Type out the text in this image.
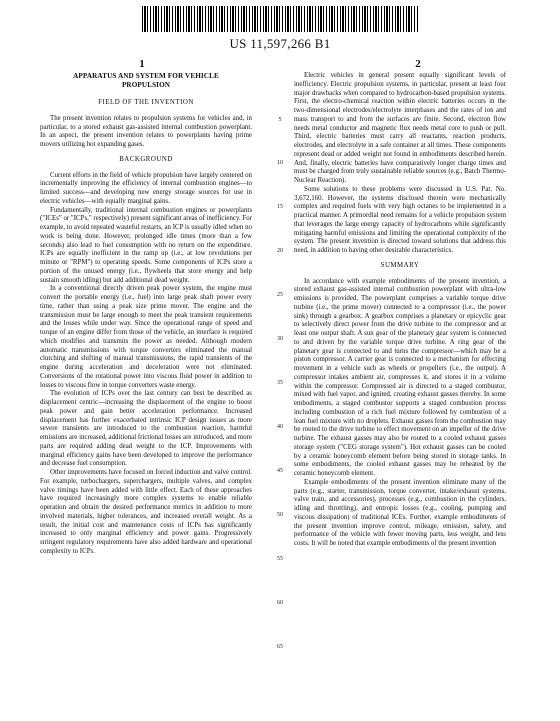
US 11,597,266 B1
1	2
APPARATUS AND SYSTEM FOR VEHICLE
PROPULSION
FIELD OF THE INVENTION

The present invention relates to propulsion systems for vehicles and, in particular, to a stored exhaust gas-assisted internal combustion powerplant. In an aspect, the present invention relates to powerplants having prime movers utilizing hot expanding gases.

BACKGROUND

Current efforts in the field of vehicle propulsion have largely centered on incrementally improving the efficiency of internal combustion engines—to limited success—and developing new energy storage sources for use in electric vehicles—with equally marginal gains.

Fundamentally, traditional internal combustion engines or powerplants ("ICEs" or "ICPs," respectively) present significant areas of inefficiency. For example, to avoid repeated wasteful restarts, an ICP is usually idled when no work is being done. However, prolonged idle times (more than a few seconds) also lead to fuel consumption with no return on the expenditure. ICPs are equally inefficient in the ramp up (i.e., at low revolutions per minute or "RPM") to operating speeds. Some components of ICPs store a portion of the unused energy (i.e., flywheels that store energy and help sustain smooth idling) but add additional dead weight.

In a conventional directly driven peak power system, the engine must convert the portable energy (i.e., fuel) into large peak shaft power every time, rather than using a peak size prime mover. The engine and the transmission must be large enough to meet the peak transient requirements and the losses while under way. Since the operational range of speed and torque of an engine differ from those of the vehicle, an interface is required which modifies and transmits the power as needed. Although modern automatic transmissions with torque converters eliminated the manual clutching and shifting of manual transmissions, the rapid transients of the engine during acceleration and deceleration were not eliminated. Conversions of the rotational power into viscous fluid power in addition to losses to viscous flow in torque converters waste energy.

The evolution of ICPs over the last century can best be described as displacement centric—increasing the displacement of the engine to boost peak power and gain better acceleration performance. Increased displacement has further exacerbated intrinsic ICP design issues as more severe transients are introduced to the combustion reaction, harmful emissions are increased, additional frictional losses are introduced, and more parts are required adding dead weight to the ICP. Improvements with marginal efficiency gains have been developed to improve the performance and decrease fuel consumption.

Other improvements have focused on forced induction and valve control. For example, turbochargers, superchargers, multiple valves, and complex valve timings have been added with little effect. Each of these approaches have required increasingly more complex systems to enable reliable operation and obtain the desired performance metrics in addition to more involved materials, higher tolerances, and increased overall weight. As a result, the initial cost and maintenance costs of ICPs has significantly increased to only marginal efficiency and power gains. Progressively stringent regulatory requirements have also added hardware and operational complexity to ICPs.

Electric vehicles in general present equally significant levels of inefficiency. Electric propulsion systems, in particular, present at least four major drawbacks when compared to hydrocarbon-based propulsion systems. First, the electro-chemical reaction within electric batteries occurs in the two-dimensional electrodes/electrolyte interphases and the rates of ion and mass transport to and from the surfaces are finite. Second, electron flow needs metal conductor and magnetic flux needs metal core to push or pull. Third, electric batteries must carry all reactants, reaction products, electrodes, and electrolyte in a safe container at all times. These components represent dead or added weight not found in embodiments described herein. And, finally, electric batteries have comparatively longer charge times and must be charged from truly sustainable reliable sources (e.g., Batch Thermo-Nuclear Reaction).

Some solutions to these problems were discussed in U.S. Pat. No. 3,672,160. However, the systems disclosed therein were mechanically complex and required fuels with very high octanes to be implemented in a practical manner. A primordial need remains for a vehicle propulsion system that leverages the large energy capacity of hydrocarbons while significantly mitigating harmful emissions and limiting the operational complexity of the system. The present invention is directed toward solutions that address this need, in addition to having other desirable characteristics.

SUMMARY

In accordance with example embodiments of the present invention, a stored exhaust gas-assisted internal combustion powerplant with ultra-low emissions is provided. The powerplant comprises a variable torque drive turbine (i.e., the prime mover) connected to a compressor (i.e., the power sink) through a gearbox. A gearbox comprises a planetary or epicyclic gear to selectively direct power from the drive turbine to the compressor and at least one output shaft. A sun gear of the planetary gear system is connected to and driven by the variable torque drive turbine. A ring gear of the planetary gear is connected to and turns the compressor—which may be a piston compressor. A carrier gear is connected to a mechanism for effecting movement in a vehicle such as wheels or propellers (i.e., the output). A compressor intakes ambient air, compresses it, and stores it in a volume within the compressor. Compressed air is directed to a staged combustor, mixed with fuel vapor, and ignited, creating exhaust gasses thereby. In some embodiments, a staged combustor supports a staged combustion process including combustion of a rich fuel mixture followed by combustion of a lean fuel mixture with no droplets. Exhaust gasses from the combustion may be routed to the drive turbine to effect movement on an impeller of the drive turbine. The exhaust gasses may also be routed to a cooled exhaust gasses storage system ("CEG storage system"). Hot exhaust gasses can be cooled by a ceramic honeycomb element before being stored in storage tanks. In some embodiments, the cooled exhaust gasses may be reheated by the ceramic honeycomb element.

Example embodiments of the present invention eliminate many of the parts (e.g., starter, transmission, torque converter, intake/exhaust systems, valve train, and accessories), processes (e.g., combustion in the cylinders, idling and throttling), and entropic losses (e.g., cooling, pumping and viscous dissipation) of traditional ICEs. Further, example embodiments of the present invention improve control, mileage, emission, safety, and performance of the vehicle with fewer moving parts, less weight, and less costs. It will be noted that example embodiments of the present invention

5
10
15
20
25
30
35
40
45
50
55
60
65
